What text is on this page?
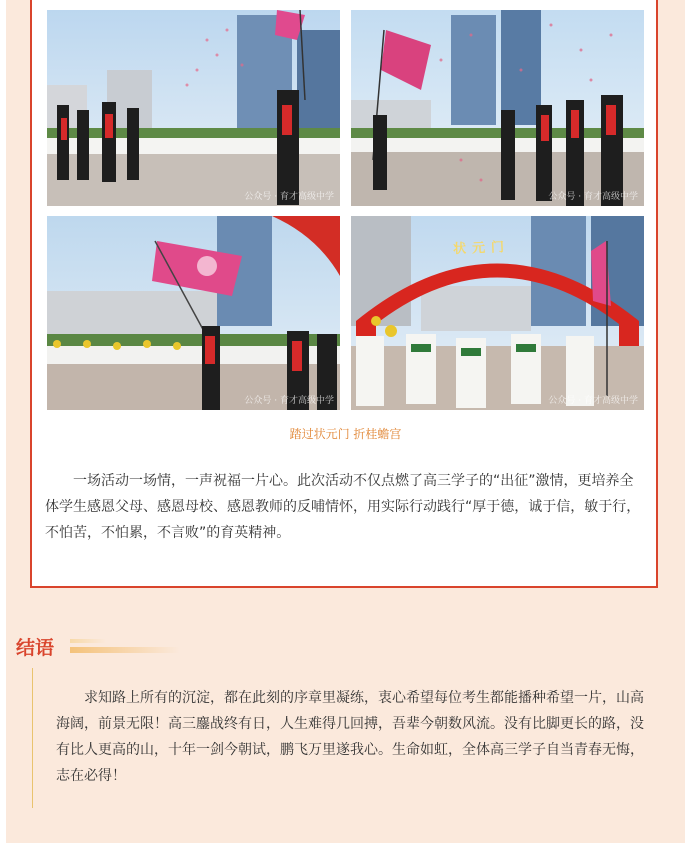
公众号 · 育才高级中学	公众号 · 育才高级中学
公众号 · 育才高级中学
状元门
公众号 · 育才高级中学
踏过状元门 折桂蟾宫

一场活动一场情，一声祝福一片心。此次活动不仅点燃了高三学子的“出征”激情，更培养全体学生感恩父母、感恩母校、感恩教师的反哺情怀，用实际行动践行“厚于德，诚于信，敏于行，不怕苦，不怕累，不言败”的育英精神。

结语

求知路上所有的沉淀，都在此刻的序章里凝练，衷心希望每位考生都能播种希望一片，山高海阔，前景无限！高三鏖战终有日，人生难得几回搏，吾辈今朝数风流。没有比脚更长的路，没有比人更高的山，十年一剑今朝试，鹏飞万里遂我心。生命如虹，全体高三学子自当青春无悔，志在必得！
